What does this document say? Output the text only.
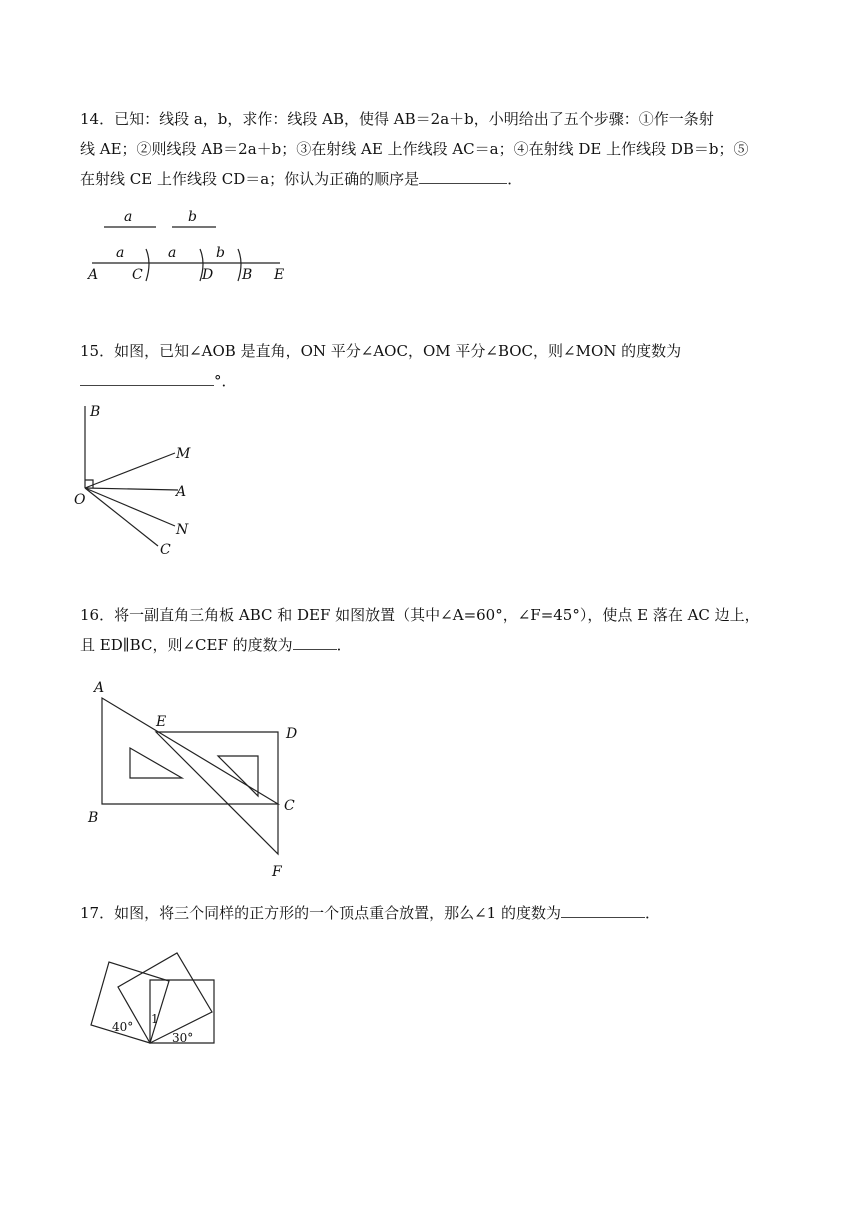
14．已知：线段 a，b，求作：线段 AB，使得 AB＝2a＋b，小明给出了五个步骤：①作一条射

线 AE；②则线段 AB＝2a＋b；③在射线 AE 上作线段 AC＝a；④在射线 DE 上作线段 DB＝b；⑤

在射线 CE 上作线段 CD＝a；你认为正确的顺序是	．

a	b
a	a	b
A C	D B E

15．如图，已知∠AOB 是直角，ON 平分∠AOC，OM 平分∠BOC，则∠MON 的度数为

°．

B
M
A
O
N
C

16．将一副直角三角板 ABC 和 DEF 如图放置（其中∠A=60°，∠F=45°），使点 E 落在 AC 边上，

且 ED∥BC，则∠CEF 的度数为	．

A
E
D
B
C
F

17．如图，将三个同样的正方形的一个顶点重合放置，那么∠1 的度数为	．

40°
1
30°
